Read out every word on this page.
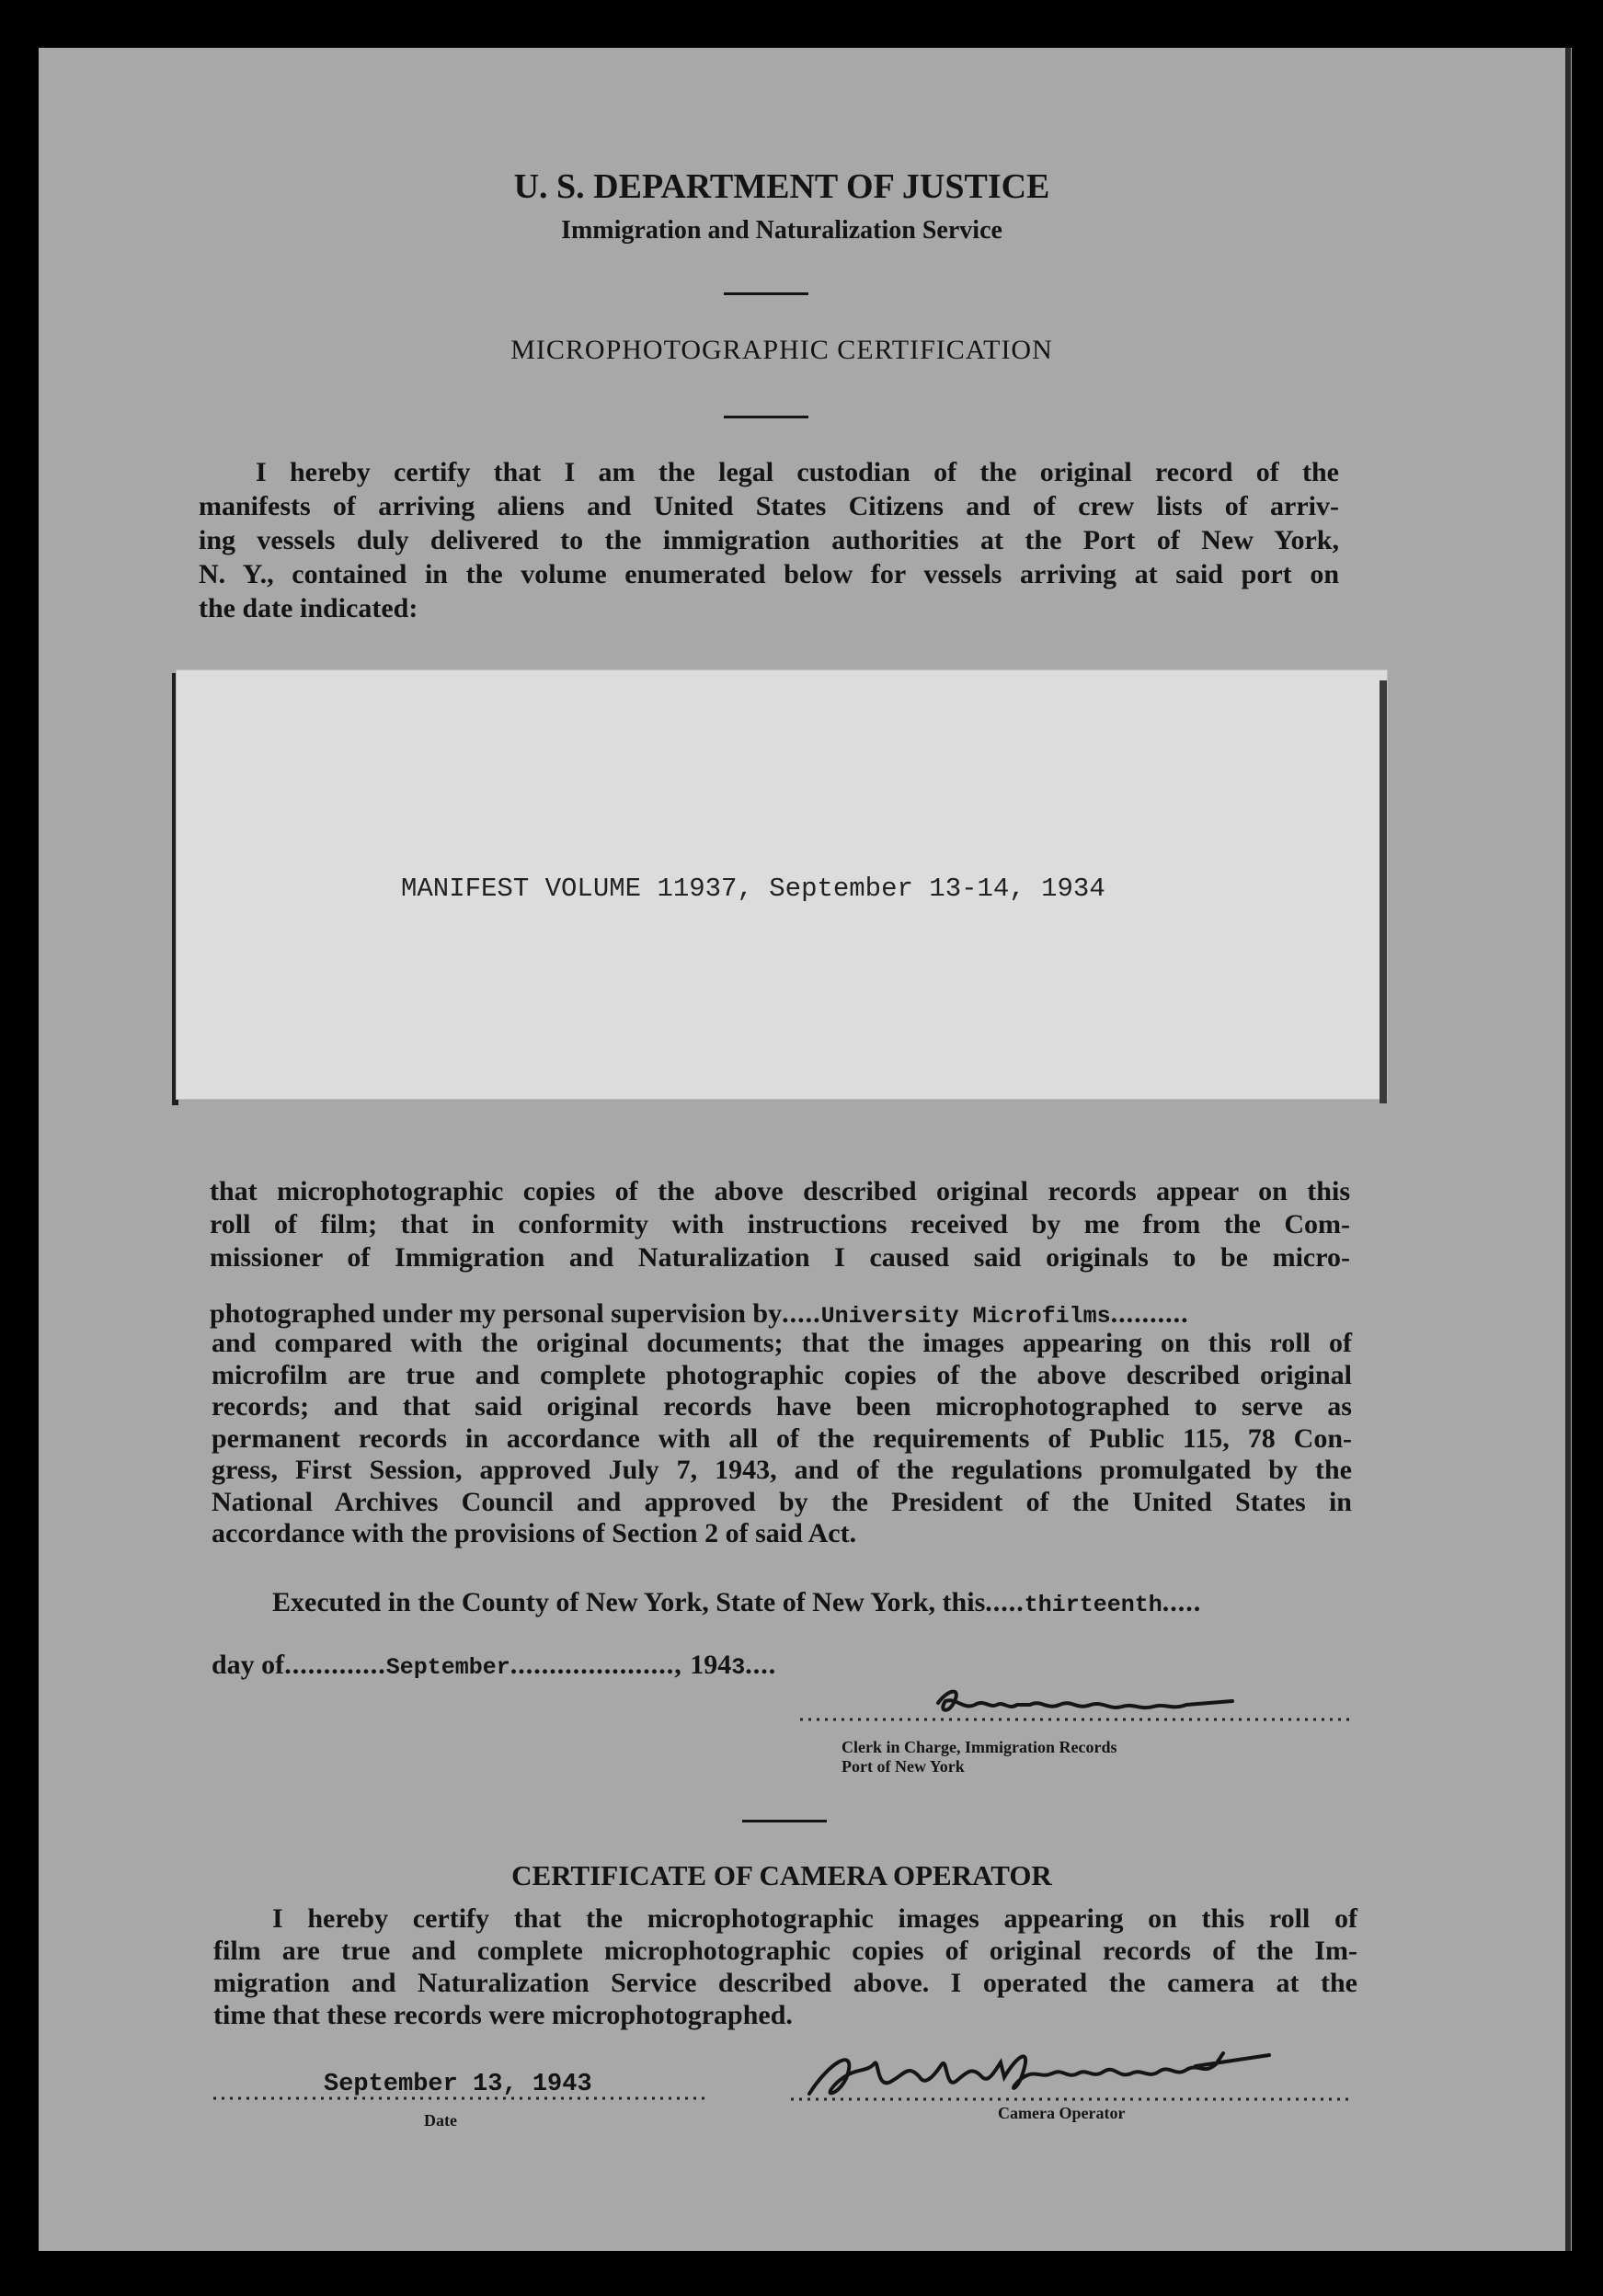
U. S. DEPARTMENT OF JUSTICE
Immigration and Naturalization Service
MICROPHOTOGRAPHIC CERTIFICATION
I hereby certify that I am the legal custodian of the original record of the
manifests of arriving aliens and United States Citizens and of crew lists of arriv-
ing vessels duly delivered to the immigration authorities at the Port of New York,
N. Y., contained in the volume enumerated below for vessels arriving at said port on
the date indicated:
MANIFEST VOLUME 11937, September 13-14, 1934
that microphotographic copies of the above described original records appear on this
roll of film; that in conformity with instructions received by me from the Com-
missioner of Immigration and Naturalization I caused said originals to be micro-
photographed under my personal supervision by.....University Microfilms..........
and compared with the original documents; that the images appearing on this roll of
microfilm are true and complete photographic copies of the above described original
records; and that said original records have been microphotographed to serve as
permanent records in accordance with all of the requirements of Public 115, 78 Con-
gress, First Session, approved July 7, 1943, and of the regulations promulgated by the
National Archives Council and approved by the President of the United States in
accordance with the provisions of Section 2 of said Act.
Executed in the County of New York, State of New York, this.....thirteenth.....
day of.............September....................., 1943....
Clerk in Charge, Immigration Records
Port of New York
CERTIFICATE OF CAMERA OPERATOR
I hereby certify that the microphotographic images appearing on this roll of
film are true and complete microphotographic copies of original records of the Im-
migration and Naturalization Service described above. I operated the camera at the
time that these records were microphotographed.
September 13, 1943
Date	Camera Operator
